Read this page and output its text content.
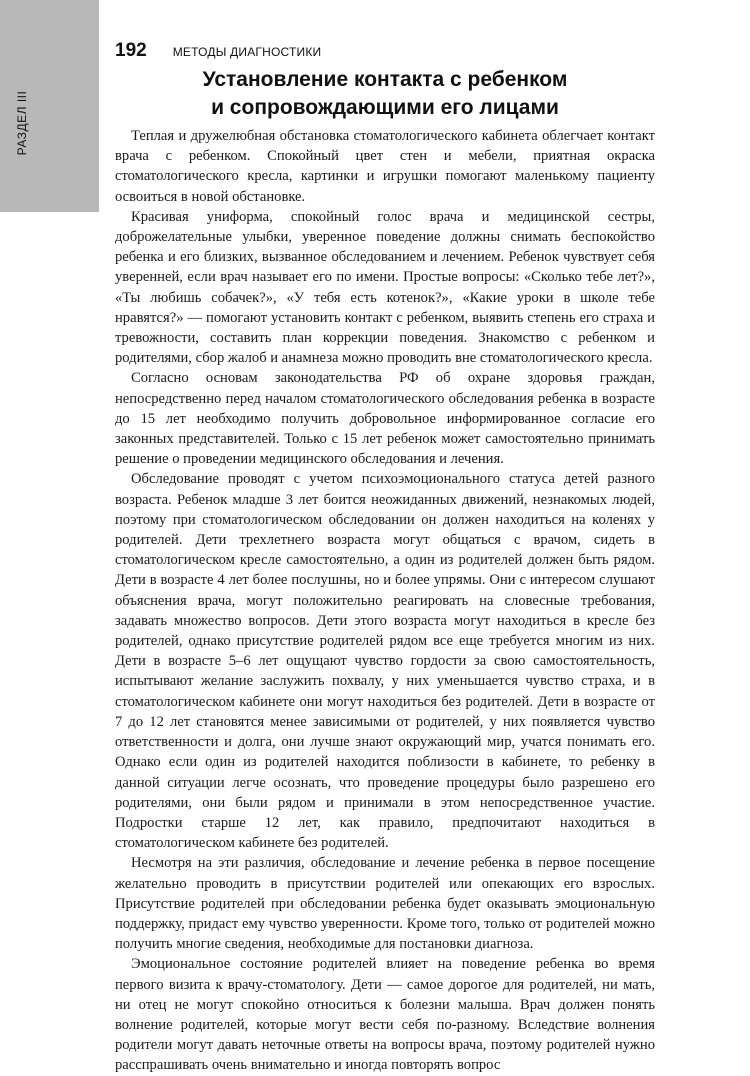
РАЗДЕЛ III
192 МЕТОДЫ ДИАГНОСТИКИ
Установление контакта с ребенком
и сопровождающими его лицами

Теплая и дружелюбная обстановка стоматологического кабинета облегчает контакт врача с ребенком. Спокойный цвет стен и мебели, приятная окраска стоматологического кресла, картинки и игрушки помогают маленькому пациенту освоиться в новой обстановке.

Красивая униформа, спокойный голос врача и медицинской сестры, доброжелательные улыбки, уверенное поведение должны снимать беспокойство ребенка и его близких, вызванное обследованием и лечением. Ребенок чувствует себя уверенней, если врач называет его по имени. Простые вопросы: «Сколько тебе лет?», «Ты любишь собачек?», «У тебя есть котенок?», «Какие уроки в школе тебе нравятся?» — помогают установить контакт с ребенком, выявить степень его страха и тревожности, составить план коррекции поведения. Знакомство с ребенком и родителями, сбор жалоб и анамнеза можно проводить вне стоматологического кресла.

Согласно основам законодательства РФ об охране здоровья граждан, непосредственно перед началом стоматологического обследования ребенка в возрасте до 15 лет необходимо получить добровольное информированное согласие его законных представителей. Только с 15 лет ребенок может самостоятельно принимать решение о проведении медицинского обследования и лечения.

Обследование проводят с учетом психоэмоционального статуса детей разного возраста. Ребенок младше 3 лет боится неожиданных движений, незнакомых людей, поэтому при стоматологическом обследовании он должен находиться на коленях у родителей. Дети трехлетнего возраста могут общаться с врачом, сидеть в стоматологическом кресле самостоятельно, а один из родителей должен быть рядом. Дети в возрасте 4 лет более послушны, но и более упрямы. Они с интересом слушают объяснения врача, могут положительно реагировать на словесные требования, задавать множество вопросов. Дети этого возраста могут находиться в кресле без родителей, однако присутствие родителей рядом все еще требуется многим из них. Дети в возрасте 5–6 лет ощущают чувство гордости за свою самостоятельность, испытывают желание заслужить похвалу, у них уменьшается чувство страха, и в стоматологическом кабинете они могут находиться без родителей. Дети в возрасте от 7 до 12 лет становятся менее зависимыми от родителей, у них появляется чувство ответственности и долга, они лучше знают окружающий мир, учатся понимать его. Однако если один из родителей находится поблизости в кабинете, то ребенку в данной ситуации легче осознать, что проведение процедуры было разрешено его родителями, они были рядом и принимали в этом непосредственное участие. Подростки старше 12 лет, как правило, предпочитают находиться в стоматологическом кабинете без родителей.

Несмотря на эти различия, обследование и лечение ребенка в первое посещение желательно проводить в присутствии родителей или опекающих его взрослых. Присутствие родителей при обследовании ребенка будет оказывать эмоциональную поддержку, придаст ему чувство уверенности. Кроме того, только от родителей можно получить многие сведения, необходимые для постановки диагноза.

Эмоциональное состояние родителей влияет на поведение ребенка во время первого визита к врачу-стоматологу. Дети — самое дорогое для родителей, ни мать, ни отец не могут спокойно относиться к болезни малыша. Врач должен понять волнение родителей, которые могут вести себя по-разному. Вследствие волнения родители могут давать неточные ответы на вопросы врача, поэтому родителей нужно расспрашивать очень внимательно и иногда повторять вопрос
